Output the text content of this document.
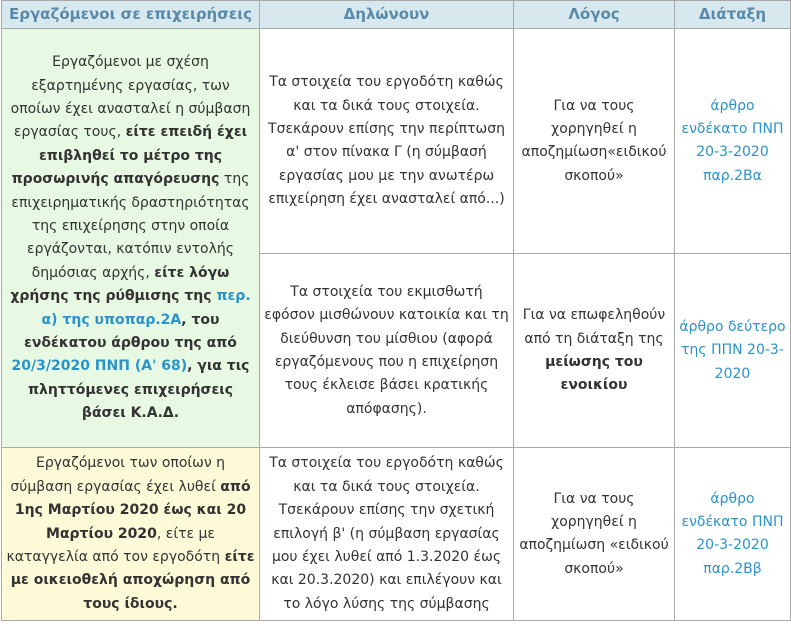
Εργαζόμενοι σε επιχειρήσεις	Δηλώνουν	Λόγος	Διάταξη
Εργαζόμενοι με σχέση εξαρτημένης εργασίας, των οποίων έχει ανασταλεί η σύμβαση εργασίας τους, είτε επειδή έχει επιβληθεί το μέτρο της προσωρινής απαγόρευσης της επιχειρηματικής δραστηριότητας της επιχείρησης στην οποία εργάζονται, κατόπιν εντολής δημόσιας αρχής, είτε λόγω χρήσης της ρύθμισης της περ. α) της υποπαρ.2Α, του ενδέκατου άρθρου της από 20/3/2020 ΠΝΠ (Α' 68), για τις πληττόμενες επιχειρήσεις βάσει Κ.Α.Δ.	Τα στοιχεία του εργοδότη καθώς και τα δικά τους στοιχεία. Τσεκάρουν επίσης την περίπτωση α' στον πίνακα Γ (η σύμβασή εργασίας μου με την ανωτέρω επιχείρηση έχει ανασταλεί από...)	Για να τους χορηγηθεί η αποζημίωση«ειδικού σκοπού»	άρθρο ενδέκατο ΠΝΠ 20-3-2020 παρ.2Βα
	Τα στοιχεία του εκμισθωτή εφόσον μισθώνουν κατοικία και τη διεύθυνση του μίσθιου (αφορά εργαζόμενους που η επιχείρηση τους έκλεισε βάσει κρατικής απόφασης).	Για να επωφεληθούν από τη διάταξη της μείωσης του ενοικίου	άρθρο δεύτερο της ΠΠΝ 20-3-2020
Εργαζόμενοι των οποίων η σύμβαση εργασίας έχει λυθεί από 1ης Μαρτίου 2020 έως και 20 Μαρτίου 2020, είτε με καταγγελία από τον εργοδότη είτε με οικειοθελή αποχώρηση από τους ίδιους.	Τα στοιχεία του εργοδότη καθώς και τα δικά τους στοιχεία. Τσεκάρουν επίσης την σχετική επιλογή β' (η σύμβαση εργασίας μου έχει λυθεί από 1.3.2020 έως και 20.3.2020) και επιλέγουν και το λόγο λύσης της σύμβασης	Για να τους χορηγηθεί η αποζημίωση «ειδικού σκοπού»	άρθρο ενδέκατο ΠΝΠ 20-3-2020 παρ.2Ββ
